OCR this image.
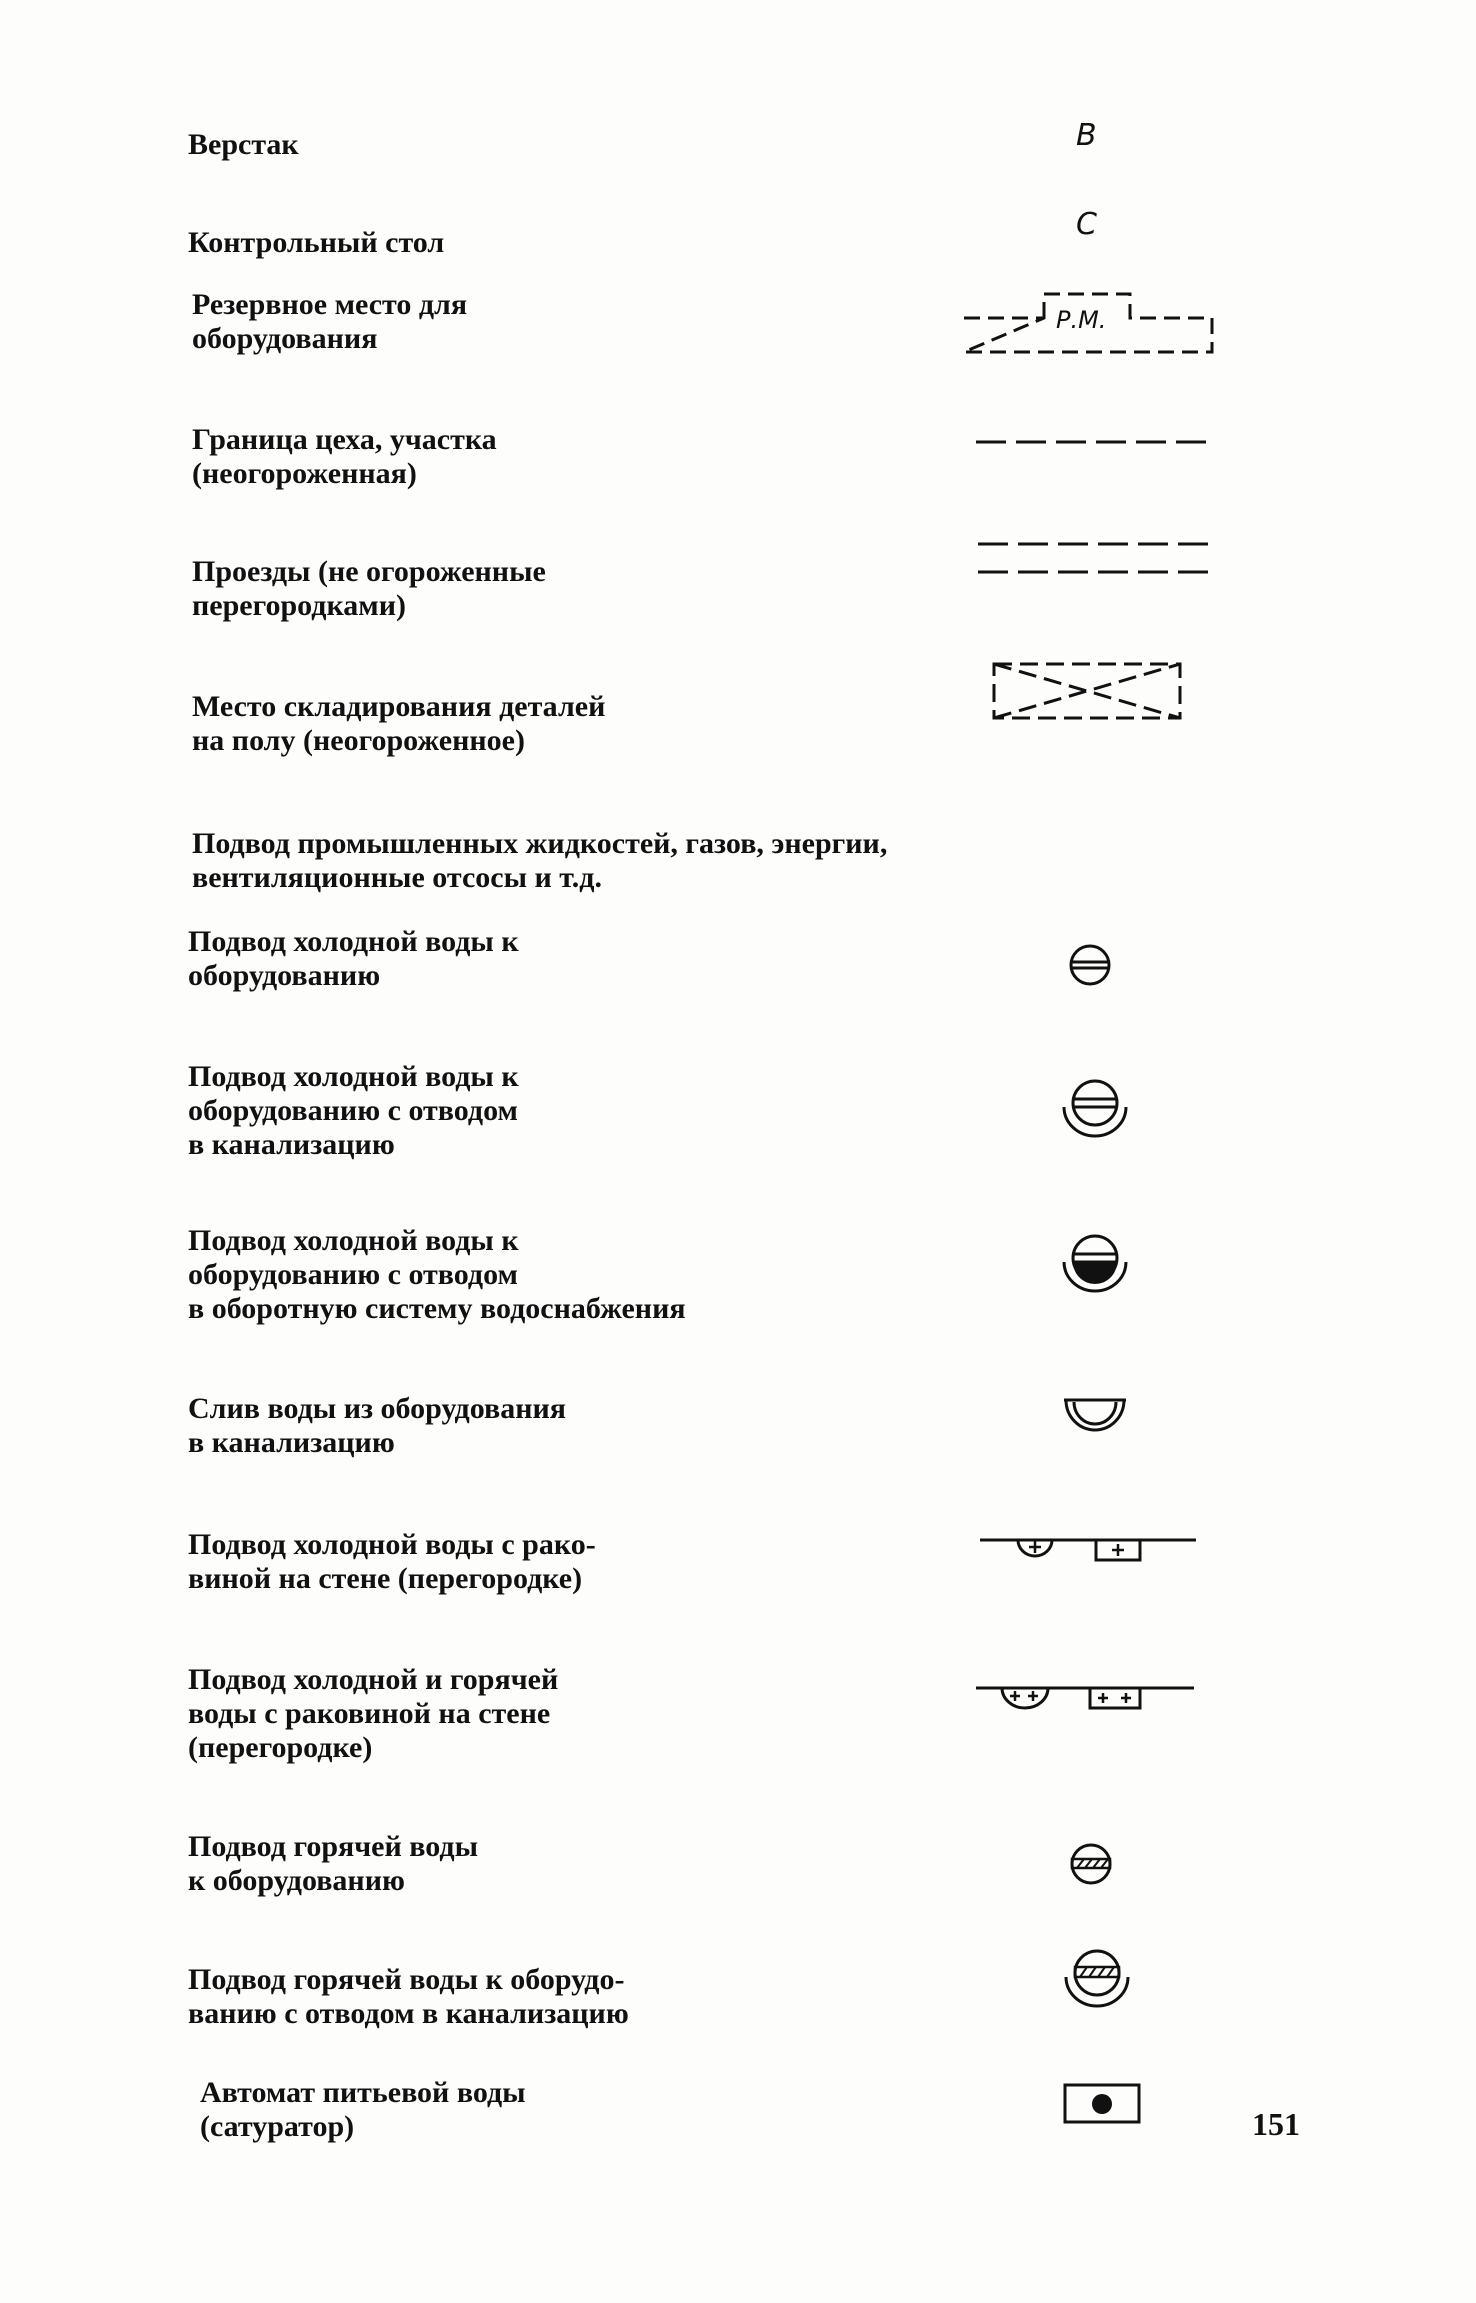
Верстак	В
Контрольный стол
С
Резервное место для
оборудования
Р.М.
Граница цеха, участка
(неогороженная)
Проезды (не огороженные
перегородками)
Место складирования деталей
на полу (неогороженное)
Подвод промышленных жидкостей, газов, энергии,
вентиляционные отсосы и т.д.
Подвод холодной воды к
оборудованию
Подвод холодной воды к
оборудованию с отводом
в канализацию
Подвод холодной воды к
оборудованию с отводом
в оборотную систему водоснабжения
Слив воды из оборудования
в канализацию
Подвод холодной воды с рако-
виной на стене (перегородке)
Подвод холодной и горячей
воды с раковиной на стене
(перегородке)
Подвод горячей воды
к оборудованию
Подвод горячей воды к оборудо-
ванию с отводом в канализацию
Автомат питьевой воды
(сатуратор)	151
